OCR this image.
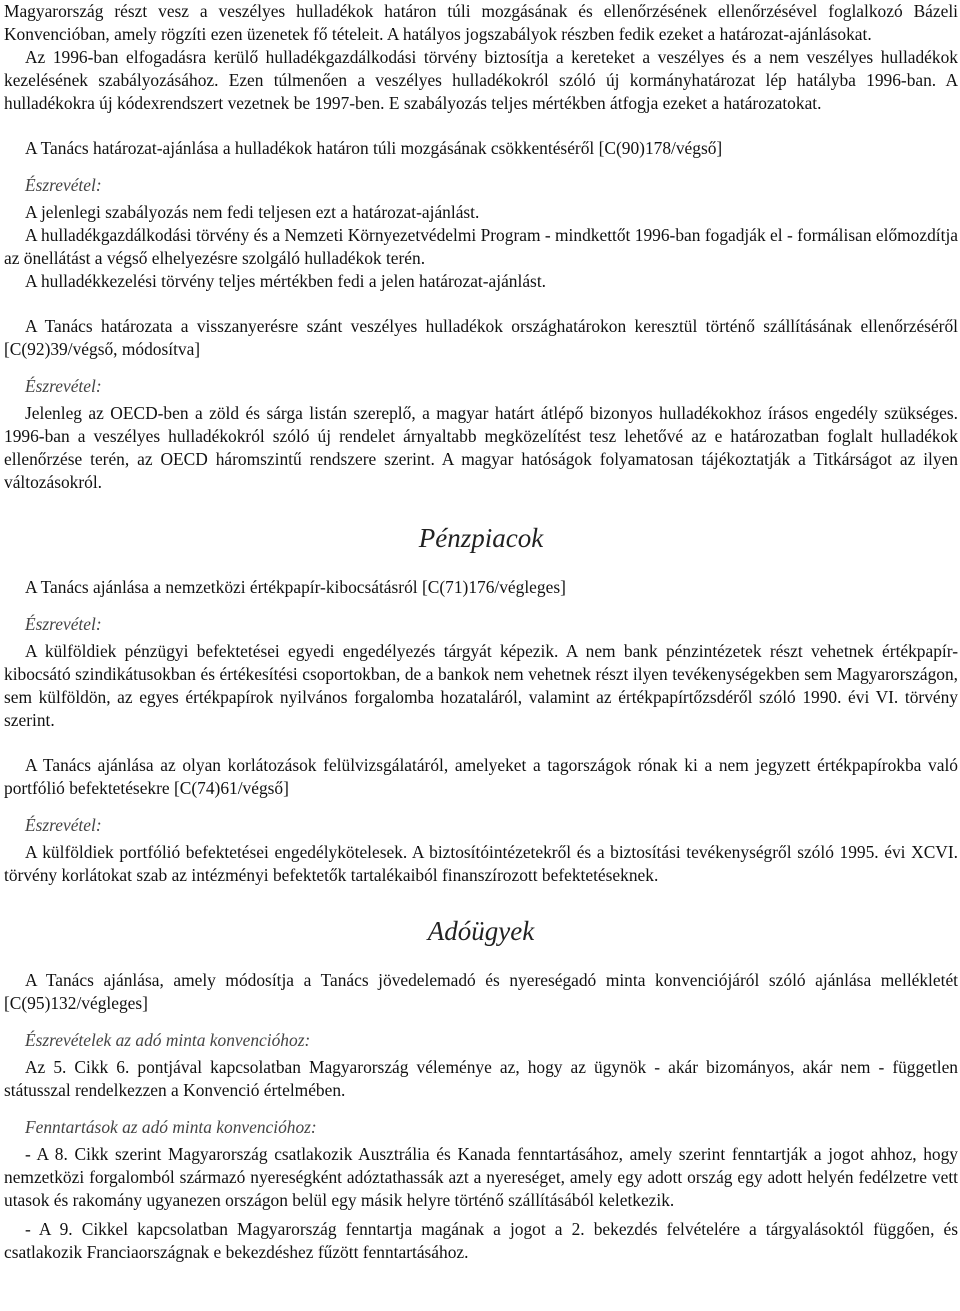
Magyarország részt vesz a veszélyes hulladékok határon túli mozgásának és ellenőrzésének ellenőrzésével foglalkozó Bázeli Konvencióban, amely rögzíti ezen üzenetek fő tételeit. A hatályos jogszabályok részben fedik ezeket a határozat-ajánlásokat.

Az 1996-ban elfogadásra kerülő hulladékgazdálkodási törvény biztosítja a kereteket a veszélyes és a nem veszélyes hulladékok kezelésének szabályozásához. Ezen túlmenően a veszélyes hulladékokról szóló új kormányhatározat lép hatályba 1996-ban. A hulladékokra új kódexrendszert vezetnek be 1997-ben. E szabályozás teljes mértékben átfogja ezeket a határozatokat.

A Tanács határozat-ajánlása a hulladékok határon túli mozgásának csökkentéséről [C(90)178/végső]

Észrevétel:

A jelenlegi szabályozás nem fedi teljesen ezt a határozat-ajánlást.

A hulladékgazdálkodási törvény és a Nemzeti Környezetvédelmi Program - mindkettőt 1996-ban fogadják el - formálisan előmozdítja az önellátást a végső elhelyezésre szolgáló hulladékok terén.

A hulladékkezelési törvény teljes mértékben fedi a jelen határozat-ajánlást.

A Tanács határozata a visszanyerésre szánt veszélyes hulladékok országhatárokon keresztül történő szállításának ellenőrzéséről [C(92)39/végső, módosítva]

Észrevétel:

Jelenleg az OECD-ben a zöld és sárga listán szereplő, a magyar határt átlépő bizonyos hulladékokhoz írásos engedély szükséges. 1996-ban a veszélyes hulladékokról szóló új rendelet árnyaltabb megközelítést tesz lehetővé az e határozatban foglalt hulladékok ellenőrzése terén, az OECD háromszintű rendszere szerint. A magyar hatóságok folyamatosan tájékoztatják a Titkárságot az ilyen változásokról.

Pénzpiacok

A Tanács ajánlása a nemzetközi értékpapír-kibocsátásról [C(71)176/végleges]

Észrevétel:

A külföldiek pénzügyi befektetései egyedi engedélyezés tárgyát képezik. A nem bank pénzintézetek részt vehetnek értékpapír-kibocsátó szindikátusokban és értékesítési csoportokban, de a bankok nem vehetnek részt ilyen tevékenységekben sem Magyarországon, sem külföldön, az egyes értékpapírok nyilvános forgalomba hozataláról, valamint az értékpapírtőzsdéről szóló 1990. évi VI. törvény szerint.

A Tanács ajánlása az olyan korlátozások felülvizsgálatáról, amelyeket a tagországok rónak ki a nem jegyzett értékpapírokba való portfólió befektetésekre [C(74)61/végső]

Észrevétel:

A külföldiek portfólió befektetései engedélykötelesek. A biztosítóintézetekről és a biztosítási tevékenységről szóló 1995. évi XCVI. törvény korlátokat szab az intézményi befektetők tartalékaiból finanszírozott befektetéseknek.

Adóügyek

A Tanács ajánlása, amely módosítja a Tanács jövedelemadó és nyereségadó minta konvenciójáról szóló ajánlása mellékletét [C(95)132/végleges]

Észrevételek az adó minta konvencióhoz:

Az 5. Cikk 6. pontjával kapcsolatban Magyarország véleménye az, hogy az ügynök - akár bizományos, akár nem - független státusszal rendelkezzen a Konvenció értelmében.

Fenntartások az adó minta konvencióhoz:

- A 8. Cikk szerint Magyarország csatlakozik Ausztrália és Kanada fenntartásához, amely szerint fenntartják a jogot ahhoz, hogy nemzetközi forgalomból származó nyereségként adóztathassák azt a nyereséget, amely egy adott ország egy adott helyén fedélzetre vett utasok és rakomány ugyanezen országon belül egy másik helyre történő szállításából keletkezik.

- A 9. Cikkel kapcsolatban Magyarország fenntartja magának a jogot a 2. bekezdés felvételére a tárgyalásoktól függően, és csatlakozik Franciaországnak e bekezdéshez fűzött fenntartásához.
